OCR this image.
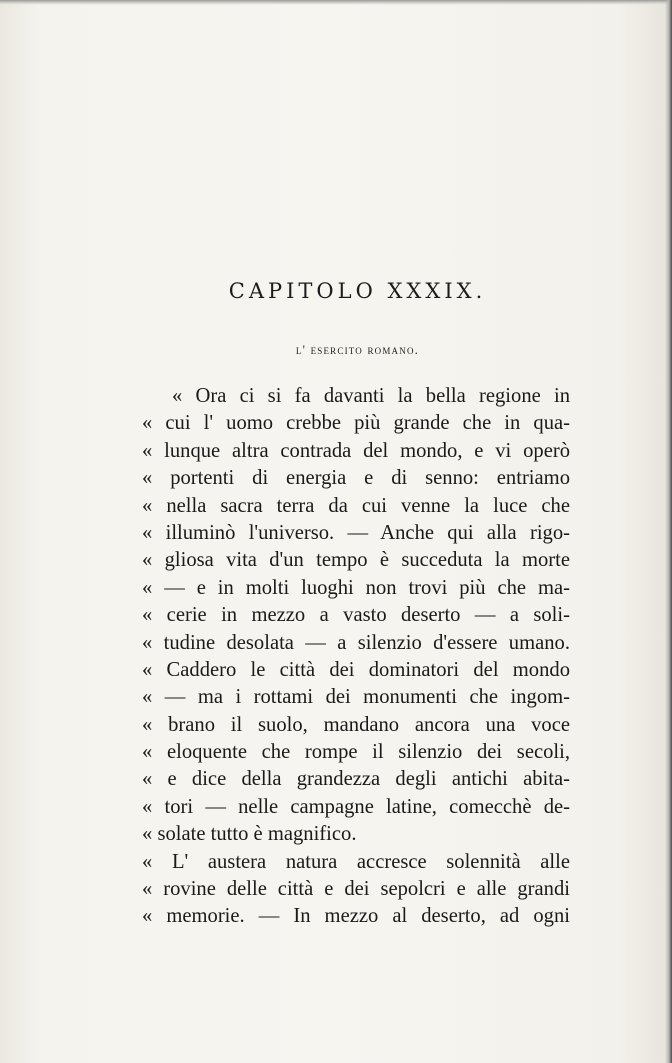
CAPITOLO XXXIX.
l' esercito romano.
« Ora ci si fa davanti la bella regione in
« cui l' uomo crebbe più grande che in qua-
« lunque altra contrada del mondo, e vi operò
« portenti di energia e di senno: entriamo
« nella sacra terra da cui venne la luce che
« illuminò l'universo. — Anche qui alla rigo-
« gliosa vita d'un tempo è succeduta la morte
« — e in molti luoghi non trovi più che ma-
« cerie in mezzo a vasto deserto — a soli-
« tudine desolata — a silenzio d'essere umano.
« Caddero le città dei dominatori del mondo
« — ma i rottami dei monumenti che ingom-
« brano il suolo, mandano ancora una voce
« eloquente che rompe il silenzio dei secoli,
« e dice della grandezza degli antichi abita-
« tori — nelle campagne latine, comecchè de-
« solate tutto è magnifico.
« L' austera natura accresce solennità alle
« rovine delle città e dei sepolcri e alle grandi
« memorie. — In mezzo al deserto, ad ogni
